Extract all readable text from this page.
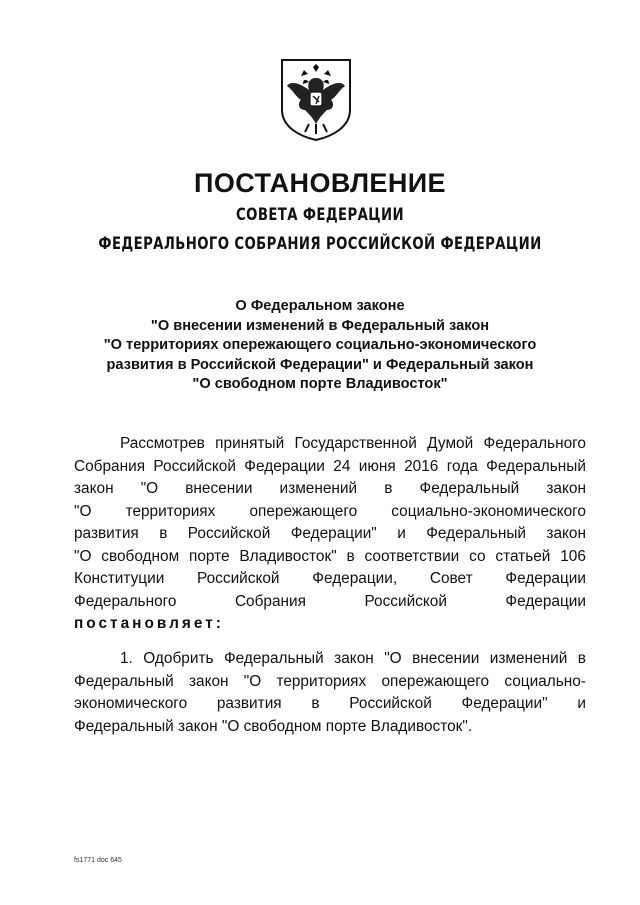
ПОСТАНОВЛЕНИЕ
СОВЕТА ФЕДЕРАЦИИ
ФЕДЕРАЛЬНОГО СОБРАНИЯ РОССИЙСКОЙ ФЕДЕРАЦИИ
О Федеральном законе
"О внесении изменений в Федеральный закон
"О территориях опережающего социально-экономического
развития в Российской Федерации" и Федеральный закон
"О свободном порте Владивосток"
Рассмотрев принятый Государственной Думой Федерального
Собрания Российской Федерации 24 июня 2016 года Федеральный
закон "О внесении изменений в Федеральный закон
"О территориях опережающего социально-экономического
развития в Российской Федерации" и Федеральный закон
"О свободном порте Владивосток" в соответствии со статьей 106
Конституции Российской Федерации, Совет Федерации
Федерального	Собрания	Российской	Федерации
постановляет:
1. Одобрить Федеральный закон "О внесении изменений в
Федеральный закон "О территориях опережающего социально-
экономического развития в Российской Федерации" и
Федеральный закон "О свободном порте Владивосток".
fs1771 doc 645
